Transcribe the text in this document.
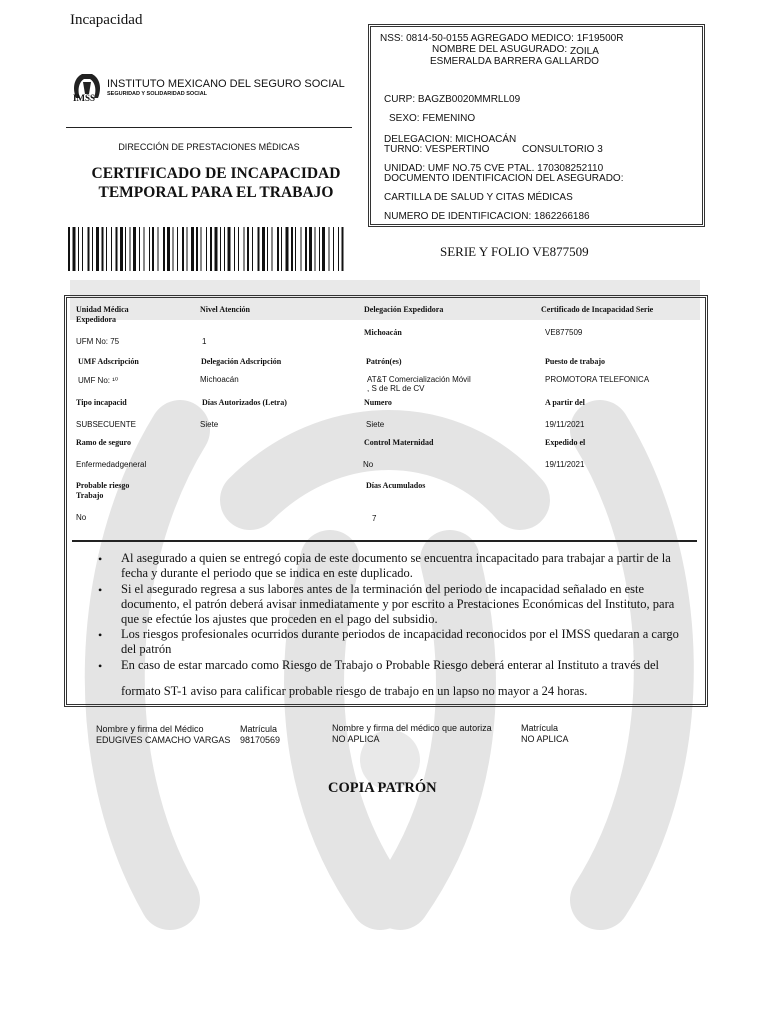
Incapacidad
IMSS
INSTITUTO MEXICANO DEL SEGURO SOCIAL
SEGURIDAD Y SOLIDARIDAD SOCIAL
DIRECCIÓN DE PRESTACIONES MÉDICAS
CERTIFICADO DE INCAPACIDAD
TEMPORAL PARA EL TRABAJO
NSS: 0814-50-0155 AGREGADO MEDICO: 1F19500R
NOMBRE DEL ASUGURADO: ZOILA
ESMERALDA BARRERA GALLARDO
CURP: BAGZB0020MMRLL09
SEXO: FEMENINO
DELEGACION: MICHOACÁN
TURNO: VESPERTINO	CONSULTORIO 3
UNIDAD: UMF NO.75 CVE PTAL. 170308252110
DOCUMENTO IDENTIFICACION DEL ASEGURADO:
CARTILLA DE SALUD Y CITAS MÉDICAS
NUMERO DE IDENTIFICACION: 1862266186
SERIE Y FOLIO VE877509
Unidad Médica
Expedidora
UFM No: 75
Nivel Atención
1
Delegación Expedidora
Michoacán
Certificado de Incapacidad Serie
VE877509
UMF Adscripción
UMF No: ¹⁰
Delegación Adscripción
Michoacán
Patrón(es)
AT&T Comercialización Móvil
, S de RL de CV
Puesto de trabajo
PROMOTORA TELEFONICA
Tipo incapacid
SUBSECUENTE
Días Autorizados (Letra)
Siete
Numero
Siete
A partir del
19/11/2021
Ramo de seguro
Enfermedadgeneral
Control Maternidad
No
Expedido el
19/11/2021
Probable riesgo
Trabajo
No
Días Acumulados
7
• Al asegurado a quien se entregó copia de este documento se encuentra incapacitado para trabajar a partir de la
fecha y durante el periodo que se indica en este duplicado.
• Si el asegurado regresa a sus labores antes de la terminación del periodo de incapacidad señalado en este
documento, el patrón deberá avisar inmediatamente y por escrito a Prestaciones Económicas del Instituto, para
que se efectúe los ajustes que proceden en el pago del subsidio.
• Los riesgos profesionales ocurridos durante periodos de incapacidad reconocidos por el IMSS quedaran a cargo
del patrón
• En caso de estar marcado como Riesgo de Trabajo o Probable Riesgo deberá enterar al Instituto a través del
formato ST-1 aviso para calificar probable riesgo de trabajo en un lapso no mayor a 24 horas.
Nombre y firma del Médico
EDUGIVES CAMACHO VARGAS
Matrícula
98170569
Nombre y firma del médico que autoriza
NO APLICA
Matrícula
NO APLICA
COPIA PATRÓN
